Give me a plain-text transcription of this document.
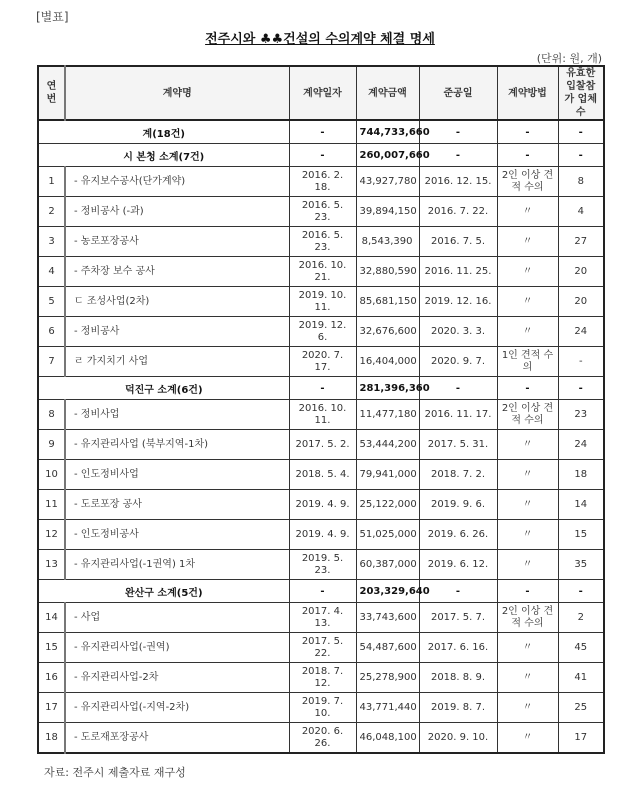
[별표]
전주시와 ♣♣건설의 수의계약 체결 명세
(단위: 원, 개)
연번	계약명	계약일자	계약금액	준공일	계약방법	유효한 입찰참가 업체 수
계(18건)		-	744,733,660	-	-	-
시 본청 소계(7건)		-	260,007,660	-	-	-
1	- 유지보수공사(단가계약)	2016. 2. 18.	43,927,780	2016. 12. 15.	2인 이상 견적 수의	8
2	- 정비공사 (-과)	2016. 5. 23.	39,894,150	2016. 7. 22.	〃	4
3	- 농로포장공사	2016. 5. 23.	8,543,390	2016. 7. 5.	〃	27
4	- 주차장 보수 공사	2016. 10. 21.	32,880,590	2016. 11. 25.	〃	20
5	ㄷ 조성사업(2차)	2019. 10. 11.	85,681,150	2019. 12. 16.	〃	20
6	- 정비공사	2019. 12. 6.	32,676,600	2020. 3. 3.	〃	24
7	ㄹ 가지치기 사업	2020. 7. 17.	16,404,000	2020. 9. 7.	1인 견적 수의	-
덕진구 소계(6건)		-	281,396,360	-	-	-
8	- 정비사업	2016. 10. 11.	11,477,180	2016. 11. 17.	2인 이상 견적 수의	23
9	- 유지관리사업 (북부지역-1차)	2017. 5. 2.	53,444,200	2017. 5. 31.	〃	24
10	- 인도정비사업	2018. 5. 4.	79,941,000	2018. 7. 2.	〃	18
11	- 도로포장 공사	2019. 4. 9.	25,122,000	2019. 9. 6.	〃	14
12	- 인도정비공사	2019. 4. 9.	51,025,000	2019. 6. 26.	〃	15
13	- 유지관리사업(-1권역) 1차	2019. 5. 23.	60,387,000	2019. 6. 12.	〃	35
완산구 소계(5건)		-	203,329,640	-	-	-
14	- 사업	2017. 4. 13.	33,743,600	2017. 5. 7.	2인 이상 견적 수의	2
15	- 유지관리사업(-권역)	2017. 5. 22.	54,487,600	2017. 6. 16.	〃	45
16	- 유지관리사업-2차	2018. 7. 12.	25,278,900	2018. 8. 9.	〃	41
17	- 유지관리사업(-지역-2차)	2019. 7. 10.	43,771,440	2019. 8. 7.	〃	25
18	- 도로재포장공사	2020. 6. 26.	46,048,100	2020. 9. 10.	〃	17
자료: 전주시 제출자료 재구성
